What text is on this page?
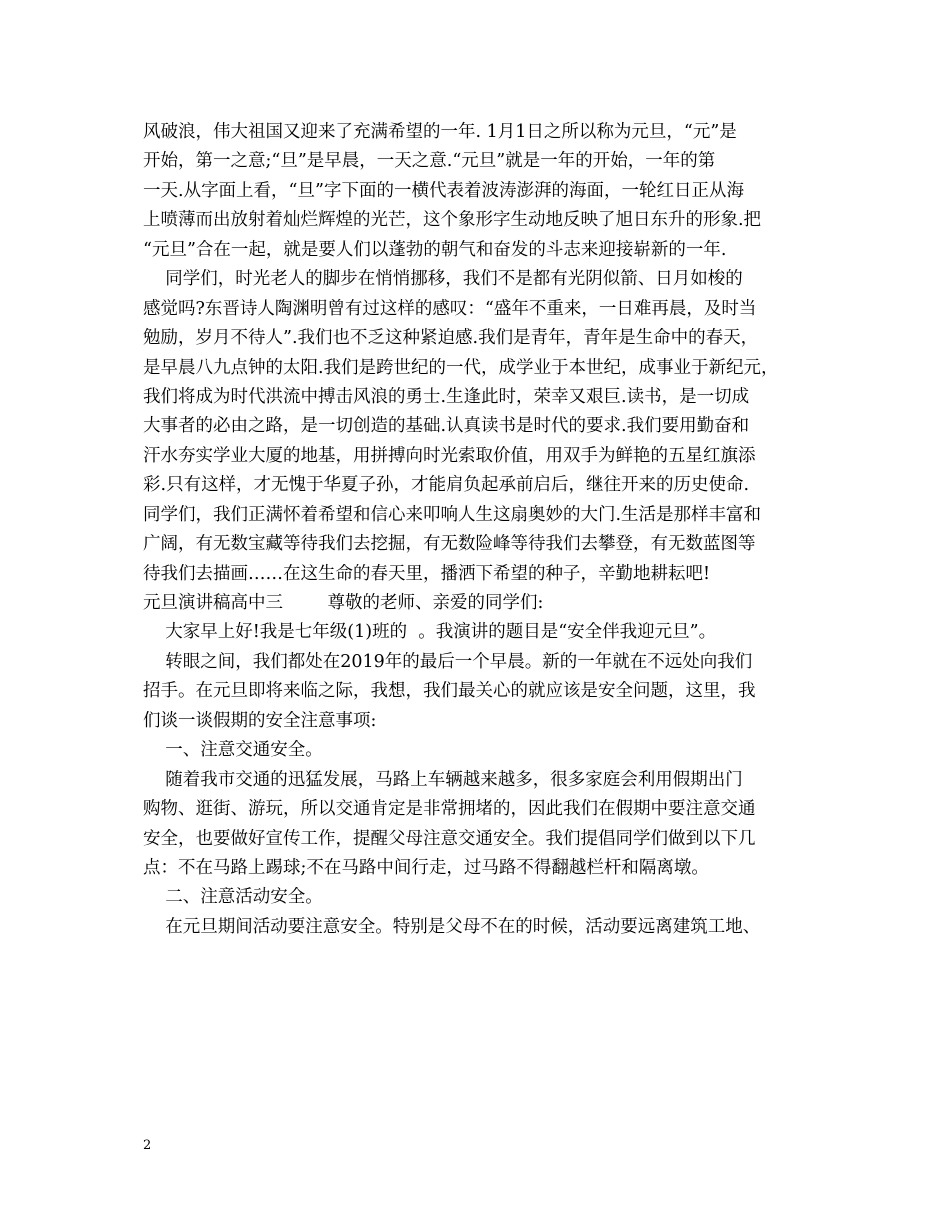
风破浪，伟大祖国又迎来了充满希望的一年. 1月1日之所以称为元旦，“元”是
开始，第一之意;“旦”是早晨，一天之意.“元旦”就是一年的开始，一年的第
一天.从字面上看，“旦”字下面的一横代表着波涛澎湃的海面，一轮红日正从海
上喷薄而出放射着灿烂辉煌的光芒，这个象形字生动地反映了旭日东升的形象.把
“元旦”合在一起，就是要人们以蓬勃的朝气和奋发的斗志来迎接崭新的一年.
同学们，时光老人的脚步在悄悄挪移，我们不是都有光阴似箭、日月如梭的
感觉吗?东晋诗人陶渊明曾有过这样的感叹：“盛年不重来，一日难再晨，及时当
勉励，岁月不待人”.我们也不乏这种紧迫感.我们是青年，青年是生命中的春天，
是早晨八九点钟的太阳.我们是跨世纪的一代，成学业于本世纪，成事业于新纪元，
我们将成为时代洪流中搏击风浪的勇士.生逢此时，荣幸又艰巨.读书，是一切成
大事者的必由之路，是一切创造的基础.认真读书是时代的要求.我们要用勤奋和
汗水夯实学业大厦的地基，用拼搏向时光索取价值，用双手为鲜艳的五星红旗添
彩.只有这样，才无愧于华夏子孙，才能肩负起承前启后，继往开来的历史使命.
同学们，我们正满怀着希望和信心来叩响人生这扇奥妙的大门.生活是那样丰富和
广阔，有无数宝藏等待我们去挖掘，有无数险峰等待我们去攀登，有无数蓝图等
待我们去描画……在这生命的春天里，播洒下希望的种子，辛勤地耕耘吧!
元旦演讲稿高中三        尊敬的老师、亲爱的同学们:
大家早上好!我是七年级(1)班的  。我演讲的题目是“安全伴我迎元旦”。
转眼之间，我们都处在2019年的最后一个早晨。新的一年就在不远处向我们
招手。在元旦即将来临之际，我想，我们最关心的就应该是安全问题，这里，我
们谈一谈假期的安全注意事项:
一、注意交通安全。
随着我市交通的迅猛发展，马路上车辆越来越多，很多家庭会利用假期出门
购物、逛街、游玩，所以交通肯定是非常拥堵的，因此我们在假期中要注意交通
安全，也要做好宣传工作，提醒父母注意交通安全。我们提倡同学们做到以下几
点：不在马路上踢球;不在马路中间行走，过马路不得翻越栏杆和隔离墩。
二、注意活动安全。
在元旦期间活动要注意安全。特别是父母不在的时候，活动要远离建筑工地、
2
